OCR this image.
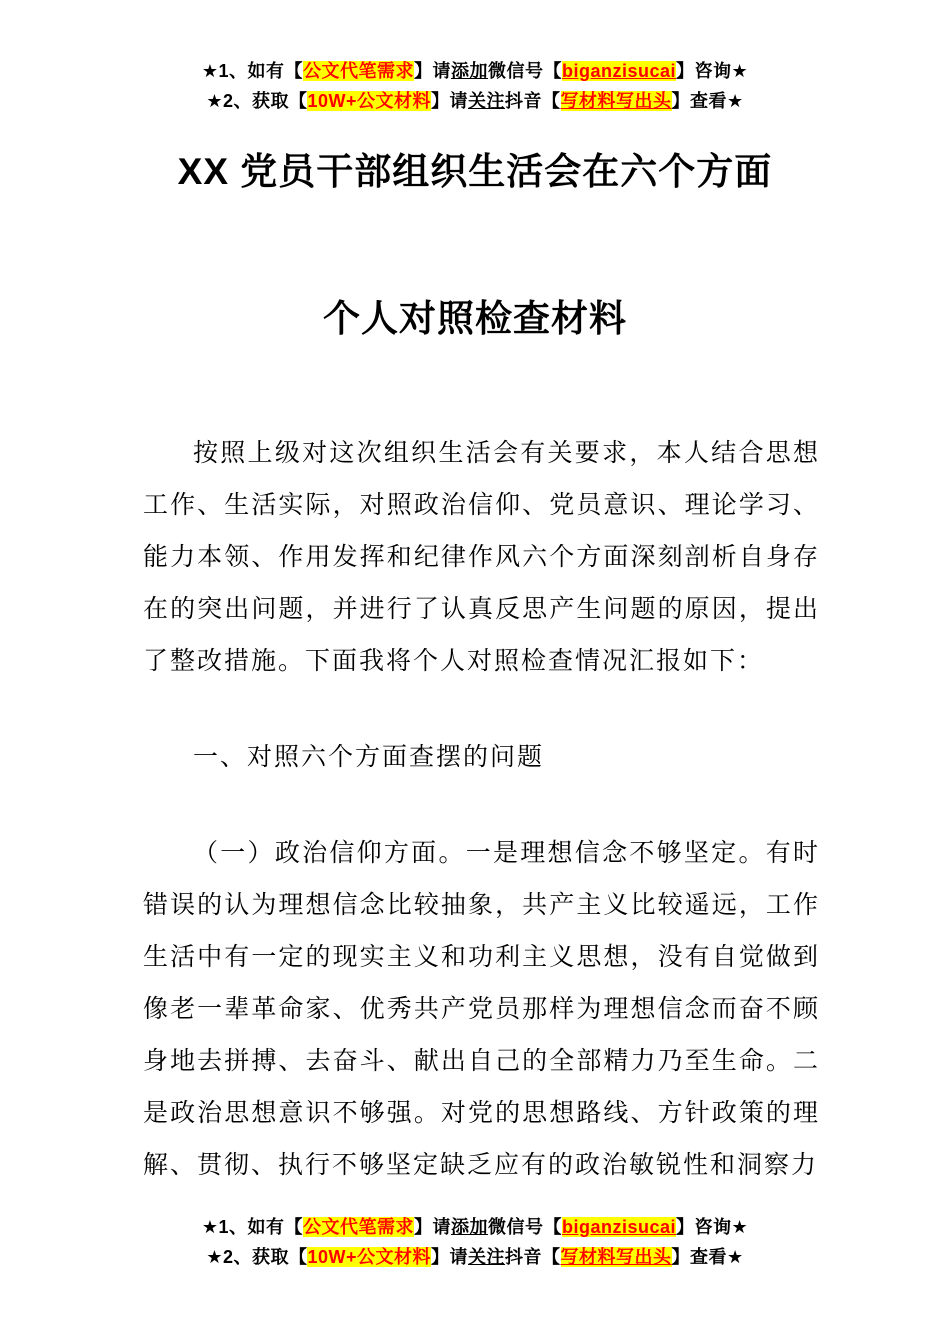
★1、如有【公文代笔需求】请添加微信号【biganzisucai】咨询★
★2、获取【10W+公文材料】请关注抖音【写材料写出头】查看★
XX 党员干部组织生活会在六个方面
个人对照检查材料

按照上级对这次组织生活会有关要求，本人结合思想工作、生活实际，对照政治信仰、党员意识、理论学习、能力本领、作用发挥和纪律作风六个方面深刻剖析自身存在的突出问题，并进行了认真反思产生问题的原因，提出了整改措施。下面我将个人对照检查情况汇报如下：

一、对照六个方面查摆的问题

（一）政治信仰方面。一是理想信念不够坚定。有时错误的认为理想信念比较抽象，共产主义比较遥远，工作生活中有一定的现实主义和功利主义思想，没有自觉做到像老一辈革命家、优秀共产党员那样为理想信念而奋不顾身地去拼搏、去奋斗、献出自己的全部精力乃至生命。二是政治思想意识不够强。对党的思想路线、方针政策的理解、贯彻、执行不够坚定缺乏应有的政治敏锐性和洞察力

★1、如有【公文代笔需求】请添加微信号【biganzisucai】咨询★
★2、获取【10W+公文材料】请关注抖音【写材料写出头】查看★
